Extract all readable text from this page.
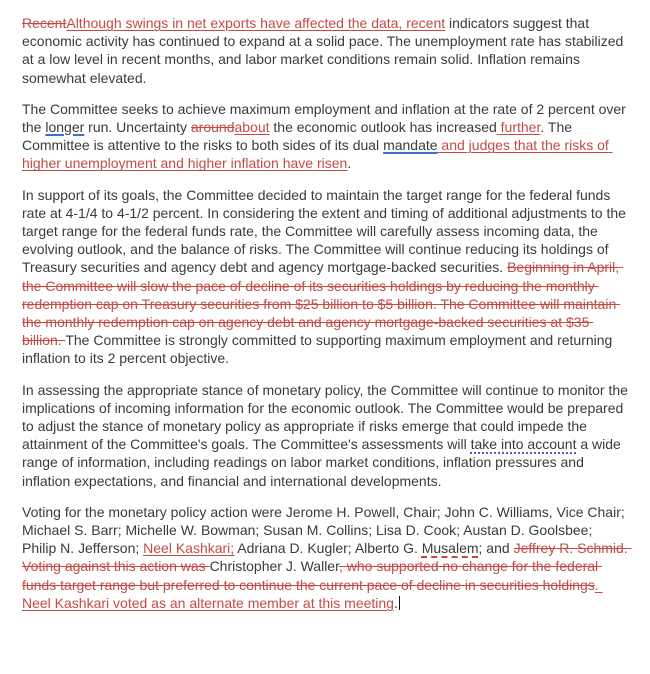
RecentAlthough swings in net exports have affected the data, recent indicators suggest that economic activity has continued to expand at a solid pace. The unemployment rate has stabilized at a low level in recent months, and labor market conditions remain solid. Inflation remains somewhat elevated.
The Committee seeks to achieve maximum employment and inflation at the rate of 2 percent over the longer run. Uncertainty aroundabout the economic outlook has increased further. The Committee is attentive to the risks to both sides of its dual mandate and judges that the risks of higher unemployment and higher inflation have risen.
In support of its goals, the Committee decided to maintain the target range for the federal funds rate at 4-1/4 to 4-1/2 percent. In considering the extent and timing of additional adjustments to the target range for the federal funds rate, the Committee will carefully assess incoming data, the evolving outlook, and the balance of risks. The Committee will continue reducing its holdings of Treasury securities and agency debt and agency mortgage-backed securities. Beginning in April, the Committee will slow the pace of decline of its securities holdings by reducing the monthly redemption cap on Treasury securities from $25 billion to $5 billion. The Committee will maintain the monthly redemption cap on agency debt and agency mortgage-backed securities at $35 billion. The Committee is strongly committed to supporting maximum employment and returning inflation to its 2 percent objective.
In assessing the appropriate stance of monetary policy, the Committee will continue to monitor the implications of incoming information for the economic outlook. The Committee would be prepared to adjust the stance of monetary policy as appropriate if risks emerge that could impede the attainment of the Committee's goals. The Committee's assessments will take into account a wide range of information, including readings on labor market conditions, inflation pressures and inflation expectations, and financial and international developments.
Voting for the monetary policy action were Jerome H. Powell, Chair; John C. Williams, Vice Chair; Michael S. Barr; Michelle W. Bowman; Susan M. Collins; Lisa D. Cook; Austan D. Goolsbee; Philip N. Jefferson; Neel Kashkari; Adriana D. Kugler; Alberto G. Musalem; and Jeffrey R. Schmid. Voting against this action was Christopher J. Waller, who supported no change for the federal funds target range but preferred to continue the current pace of decline in securities holdings. Neel Kashkari voted as an alternate member at this meeting.
